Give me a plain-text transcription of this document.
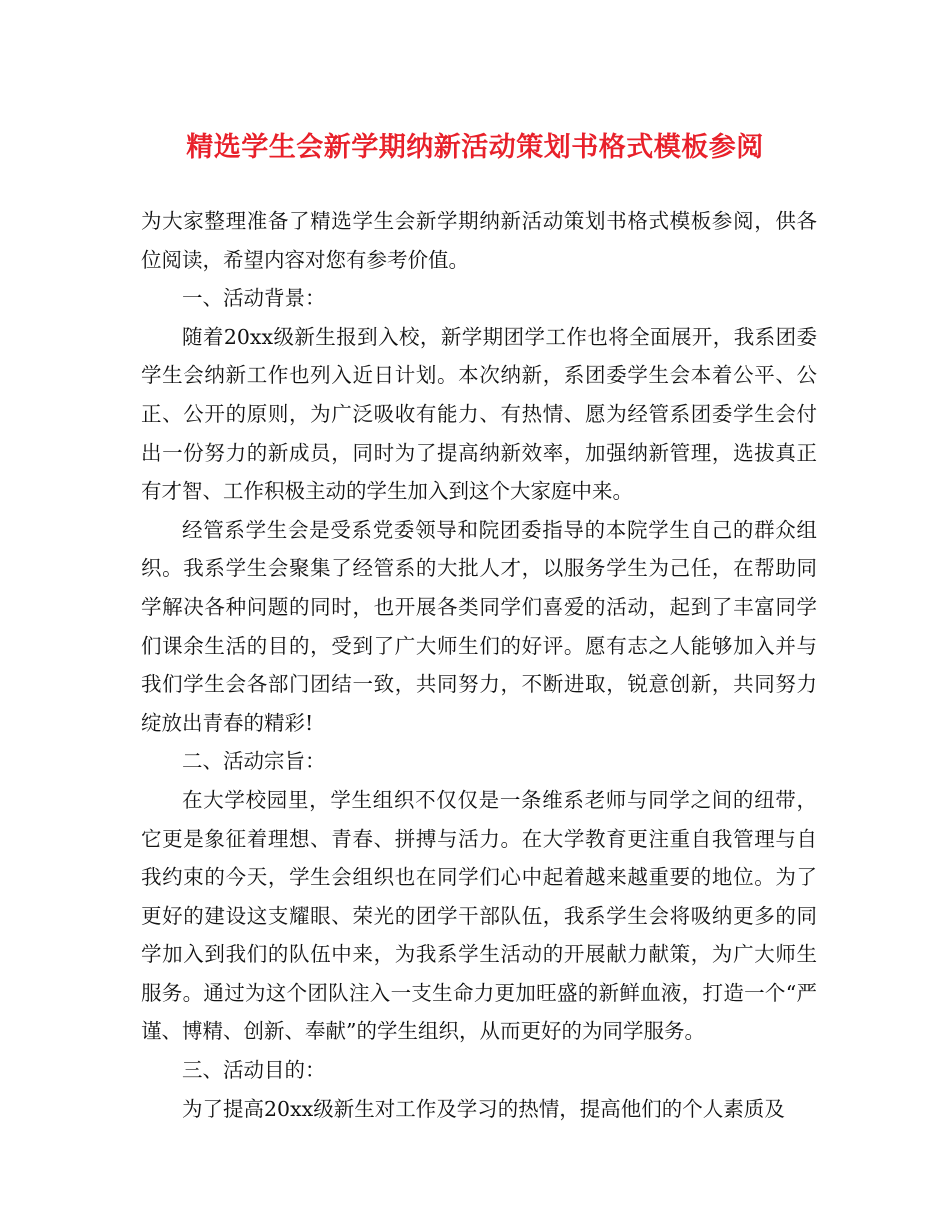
精选学生会新学期纳新活动策划书格式模板参阅

为大家整理准备了精选学生会新学期纳新活动策划书格式模板参阅，供各位阅读，希望内容对您有参考价值。

一、活动背景：

随着20xx级新生报到入校，新学期团学工作也将全面展开，我系团委学生会纳新工作也列入近日计划。本次纳新，系团委学生会本着公平、公正、公开的原则，为广泛吸收有能力、有热情、愿为经管系团委学生会付出一份努力的新成员，同时为了提高纳新效率，加强纳新管理，选拔真正有才智、工作积极主动的学生加入到这个大家庭中来。

经管系学生会是受系党委领导和院团委指导的本院学生自己的群众组织。我系学生会聚集了经管系的大批人才，以服务学生为己任，在帮助同学解决各种问题的同时，也开展各类同学们喜爱的活动，起到了丰富同学们课余生活的目的，受到了广大师生们的好评。愿有志之人能够加入并与我们学生会各部门团结一致，共同努力，不断进取，锐意创新，共同努力绽放出青春的精彩!

二、活动宗旨：

在大学校园里，学生组织不仅仅是一条维系老师与同学之间的纽带，它更是象征着理想、青春、拼搏与活力。在大学教育更注重自我管理与自我约束的今天，学生会组织也在同学们心中起着越来越重要的地位。为了更好的建设这支耀眼、荣光的团学干部队伍，我系学生会将吸纳更多的同学加入到我们的队伍中来，为我系学生活动的开展献力献策，为广大师生服务。通过为这个团队注入一支生命力更加旺盛的新鲜血液，打造一个“严谨、博精、创新、奉献”的学生组织，从而更好的为同学服务。

三、活动目的：

为了提高20xx级新生对工作及学习的热情，提高他们的个人素质及
